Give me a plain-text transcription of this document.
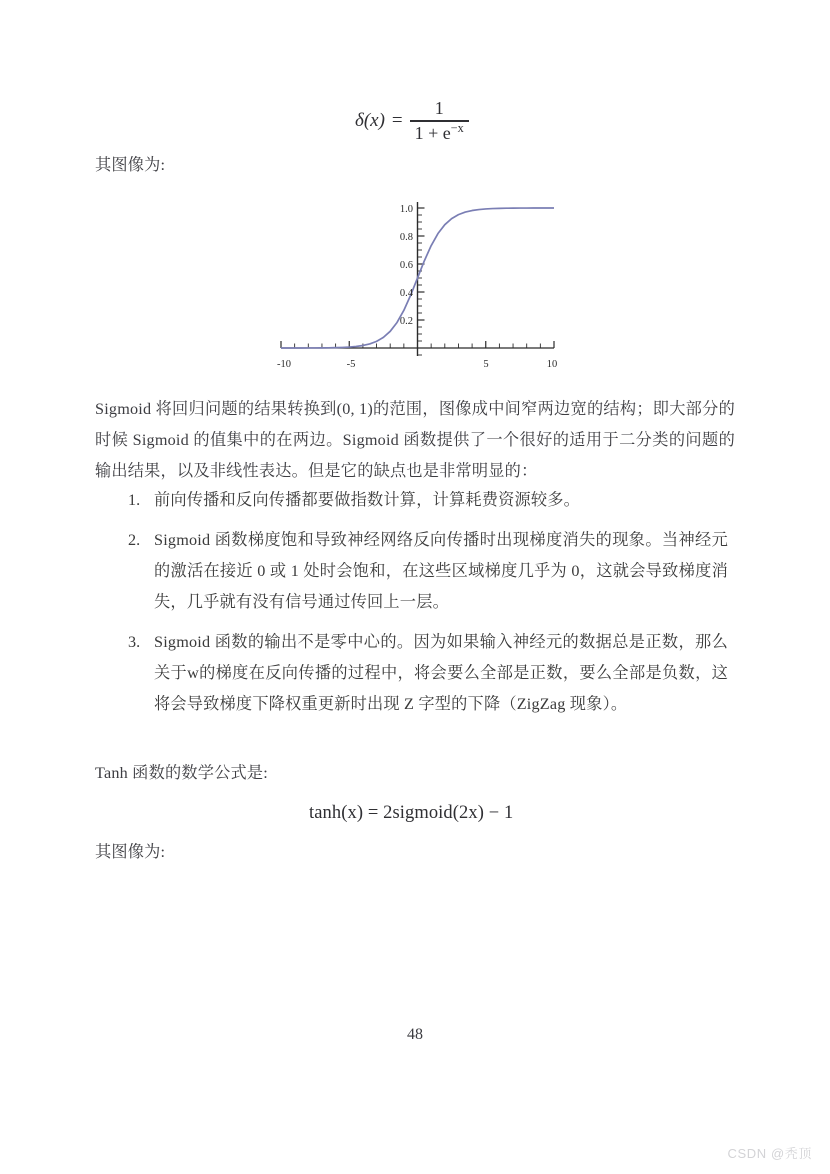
$\delta(x) = \frac{1}{1 + e^{-x}}$
其图像为:
-10	-5	5	10
0.2
0.4
0.6
0.8
1.0
Sigmoid 将回归问题的结果转换到(0, 1)的范围，图像成中间窄两边宽的结构；即大部分的时候 Sigmoid 的值集中的在两边。Sigmoid 函数提供了一个很好的适用于二分类的问题的输出结果，以及非线性表达。但是它的缺点也是非常明显的：
1. 前向传播和反向传播都要做指数计算，计算耗费资源较多。
2. Sigmoid 函数梯度饱和导致神经网络反向传播时出现梯度消失的现象。当神经元的激活在接近 0 或 1 处时会饱和，在这些区域梯度几乎为 0，这就会导致梯度消失，几乎就有没有信号通过传回上一层。
3. Sigmoid 函数的输出不是零中心的。因为如果输入神经元的数据总是正数，那么关于w的梯度在反向传播的过程中，将会要么全部是正数，要么全部是负数，这将会导致梯度下降权重更新时出现 Z 字型的下降（ZigZag 现象）。
Tanh 函数的数学公式是:
tanh(x) = 2sigmoid(2x) − 1
其图像为:
48
CSDN @秃顶
